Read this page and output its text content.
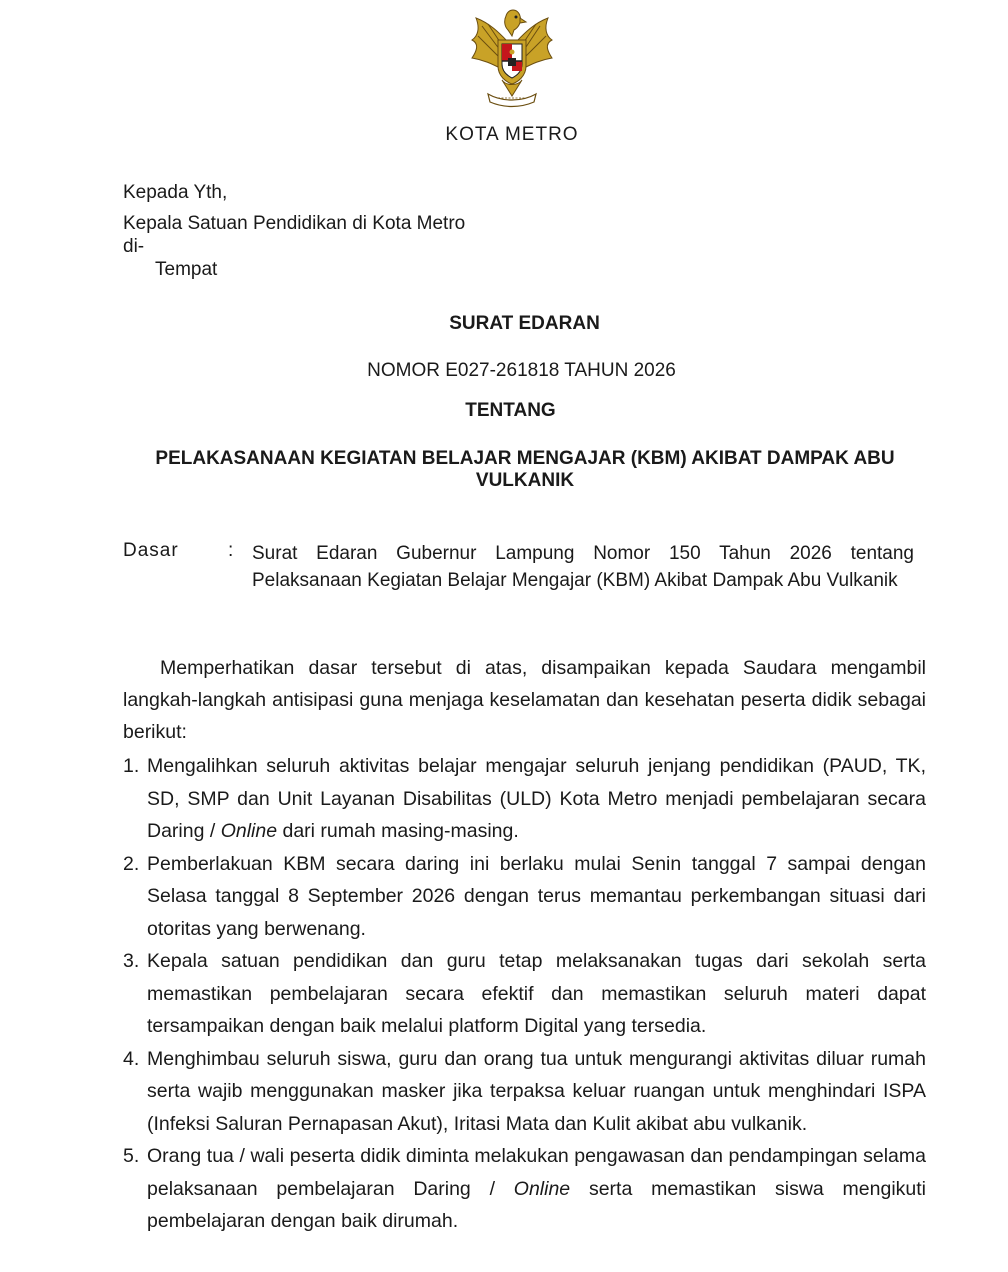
KOTA METRO
Kepada Yth,
Kepala Satuan Pendidikan di Kota Metro
di-
Tempat
SURAT EDARAN
NOMOR E027-261818 TAHUN 2026
TENTANG
PELAKASANAAN KEGIATAN BELAJAR MENGAJAR (KBM) AKIBAT DAMPAK ABU VULKANIK
Dasar	: Surat Edaran Gubernur Lampung Nomor 150 Tahun 2026 tentang Pelaksanaan Kegiatan Belajar Mengajar (KBM) Akibat Dampak Abu Vulkanik
Memperhatikan dasar tersebut di atas, disampaikan kepada Saudara mengambil langkah-langkah antisipasi guna menjaga keselamatan dan kesehatan peserta didik sebagai berikut:
1. Mengalihkan seluruh aktivitas belajar mengajar seluruh jenjang pendidikan (PAUD, TK, SD, SMP dan Unit Layanan Disabilitas (ULD) Kota Metro menjadi pembelajaran secara Daring / Online dari rumah masing-masing.
2. Pemberlakuan KBM secara daring ini berlaku mulai Senin tanggal 7 sampai dengan Selasa tanggal 8 September 2026 dengan terus memantau perkembangan situasi dari otoritas yang berwenang.
3. Kepala satuan pendidikan dan guru tetap melaksanakan tugas dari sekolah serta memastikan pembelajaran secara efektif dan memastikan seluruh materi dapat tersampaikan dengan baik melalui platform Digital yang tersedia.
4. Menghimbau seluruh siswa, guru dan orang tua untuk mengurangi aktivitas diluar rumah serta wajib menggunakan masker jika terpaksa keluar ruangan untuk menghindari ISPA (Infeksi Saluran Pernapasan Akut), Iritasi Mata dan Kulit akibat abu vulkanik.
5. Orang tua / wali peserta didik diminta melakukan pengawasan dan pendampingan selama pelaksanaan pembelajaran Daring / Online serta memastikan siswa mengikuti pembelajaran dengan baik dirumah.
